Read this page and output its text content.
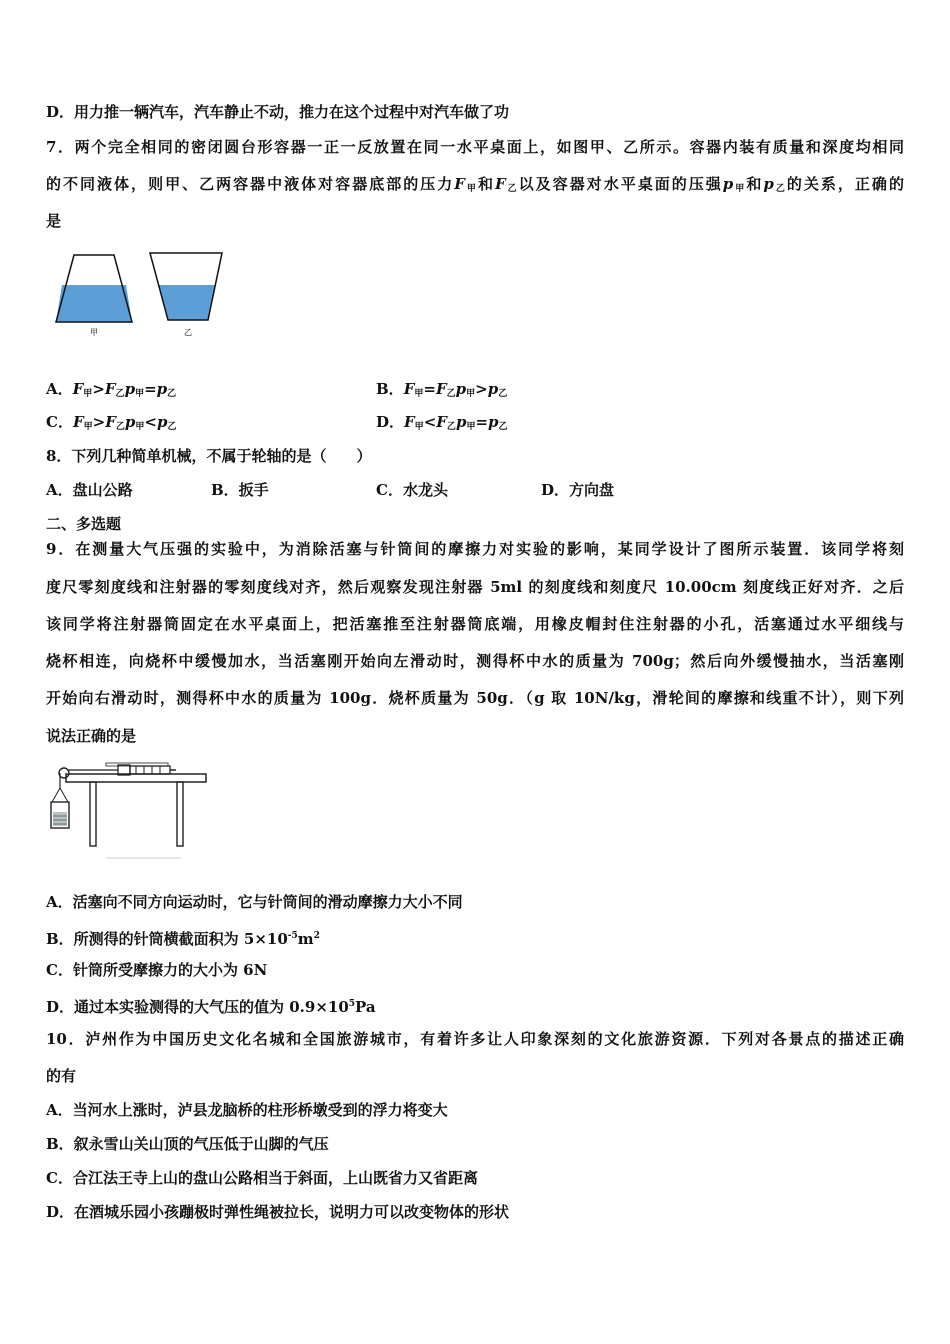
D．用力推一辆汽车，汽车静止不动，推力在这个过程中对汽车做了功
7．两个完全相同的密闭圆台形容器一正一反放置在同一水平桌面上，如图甲、乙所示。容器内装有质量和深度均相同
的不同液体，则甲、乙两容器中液体对容器底部的压力$F_甲$和$F_乙$以及容器对水平桌面的压强$p_甲$和$p_乙$的关系，正确的
是
甲	乙
A．$F_甲>F_乙p_甲=p_乙$	B．$F_甲=F_乙p_甲>p_乙$
C．$F_甲>F_乙p_甲<p_乙$	D．$F_甲<F_乙p_甲=p_乙$
8．下列几种简单机械，不属于轮轴的是（　　）
A．盘山公路	B．扳手	C．水龙头	D．方向盘
二、多选题
9．在测量大气压强的实验中，为消除活塞与针筒间的摩擦力对实验的影响，某同学设计了图所示装置．该同学将刻
度尺零刻度线和注射器的零刻度线对齐，然后观察发现注射器 5ml 的刻度线和刻度尺 10.00cm 刻度线正好对齐．之后
该同学将注射器筒固定在水平桌面上，把活塞推至注射器筒底端，用橡皮帽封住注射器的小孔，活塞通过水平细线与
烧杯相连，向烧杯中缓慢加水，当活塞刚开始向左滑动时，测得杯中水的质量为 700g；然后向外缓慢抽水，当活塞刚
开始向右滑动时，测得杯中水的质量为 100g．烧杯质量为 50g．（g 取 10N/kg，滑轮间的摩擦和线重不计），则下列
说法正确的是
A．活塞向不同方向运动时，它与针筒间的滑动摩擦力大小不同
B．所测得的针筒横截面积为 $5\times 10^{-5}m^2$
C．针筒所受摩擦力的大小为 6N
D．通过本实验测得的大气压的值为 $0.9\times 10^5Pa$
10．泸州作为中国历史文化名城和全国旅游城市，有着许多让人印象深刻的文化旅游资源．下列对各景点的描述正确
的有
A．当河水上涨时，泸县龙脑桥的柱形桥墩受到的浮力将变大
B．叙永雪山关山顶的气压低于山脚的气压
C．合江法王寺上山的盘山公路相当于斜面，上山既省力又省距离
D．在酒城乐园小孩蹦极时弹性绳被拉长，说明力可以改变物体的形状
